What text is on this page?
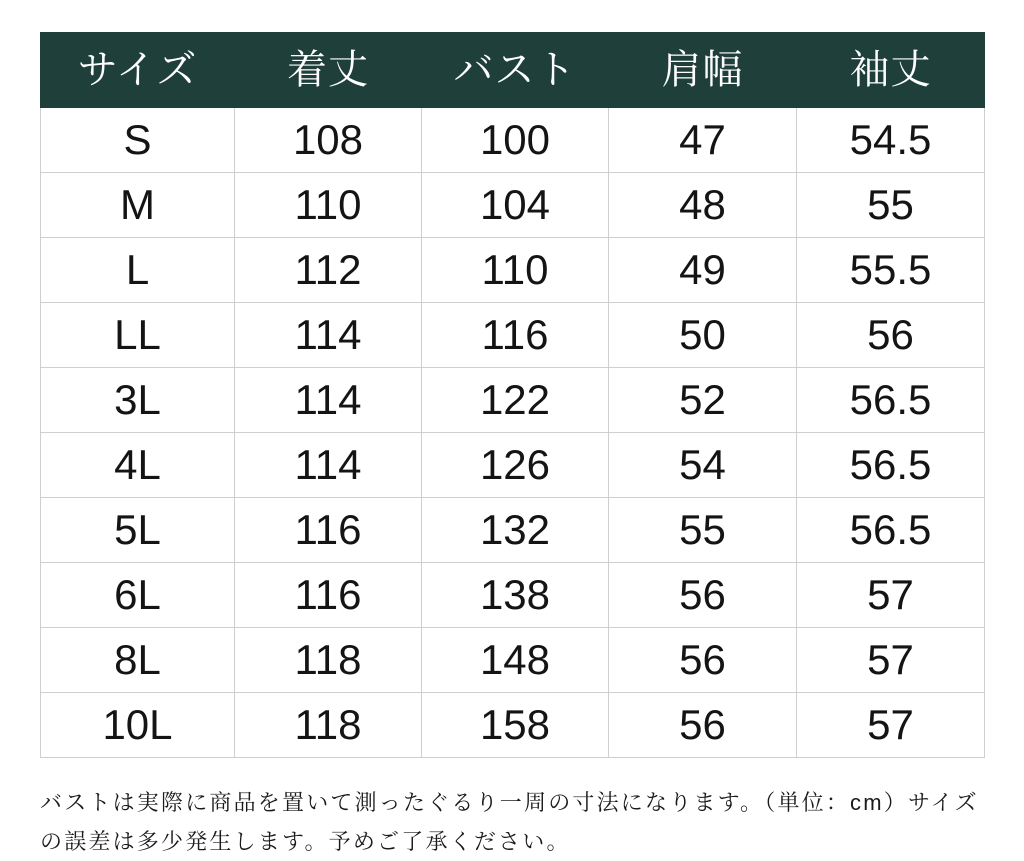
サイズ	着丈	バスト	肩幅	袖丈
S	108	100	47	54.5
M	110	104	48	55
L	112	110	49	55.5
LL	114	116	50	56
3L	114	122	52	56.5
4L	114	126	54	56.5
5L	116	132	55	56.5
6L	116	138	56	57
8L	118	148	56	57
10L	118	158	56	57
バストは実際に商品を置いて測ったぐるり一周の寸法になります。（単位：cm）サイズの誤差は多少発生します。予めご了承ください。
